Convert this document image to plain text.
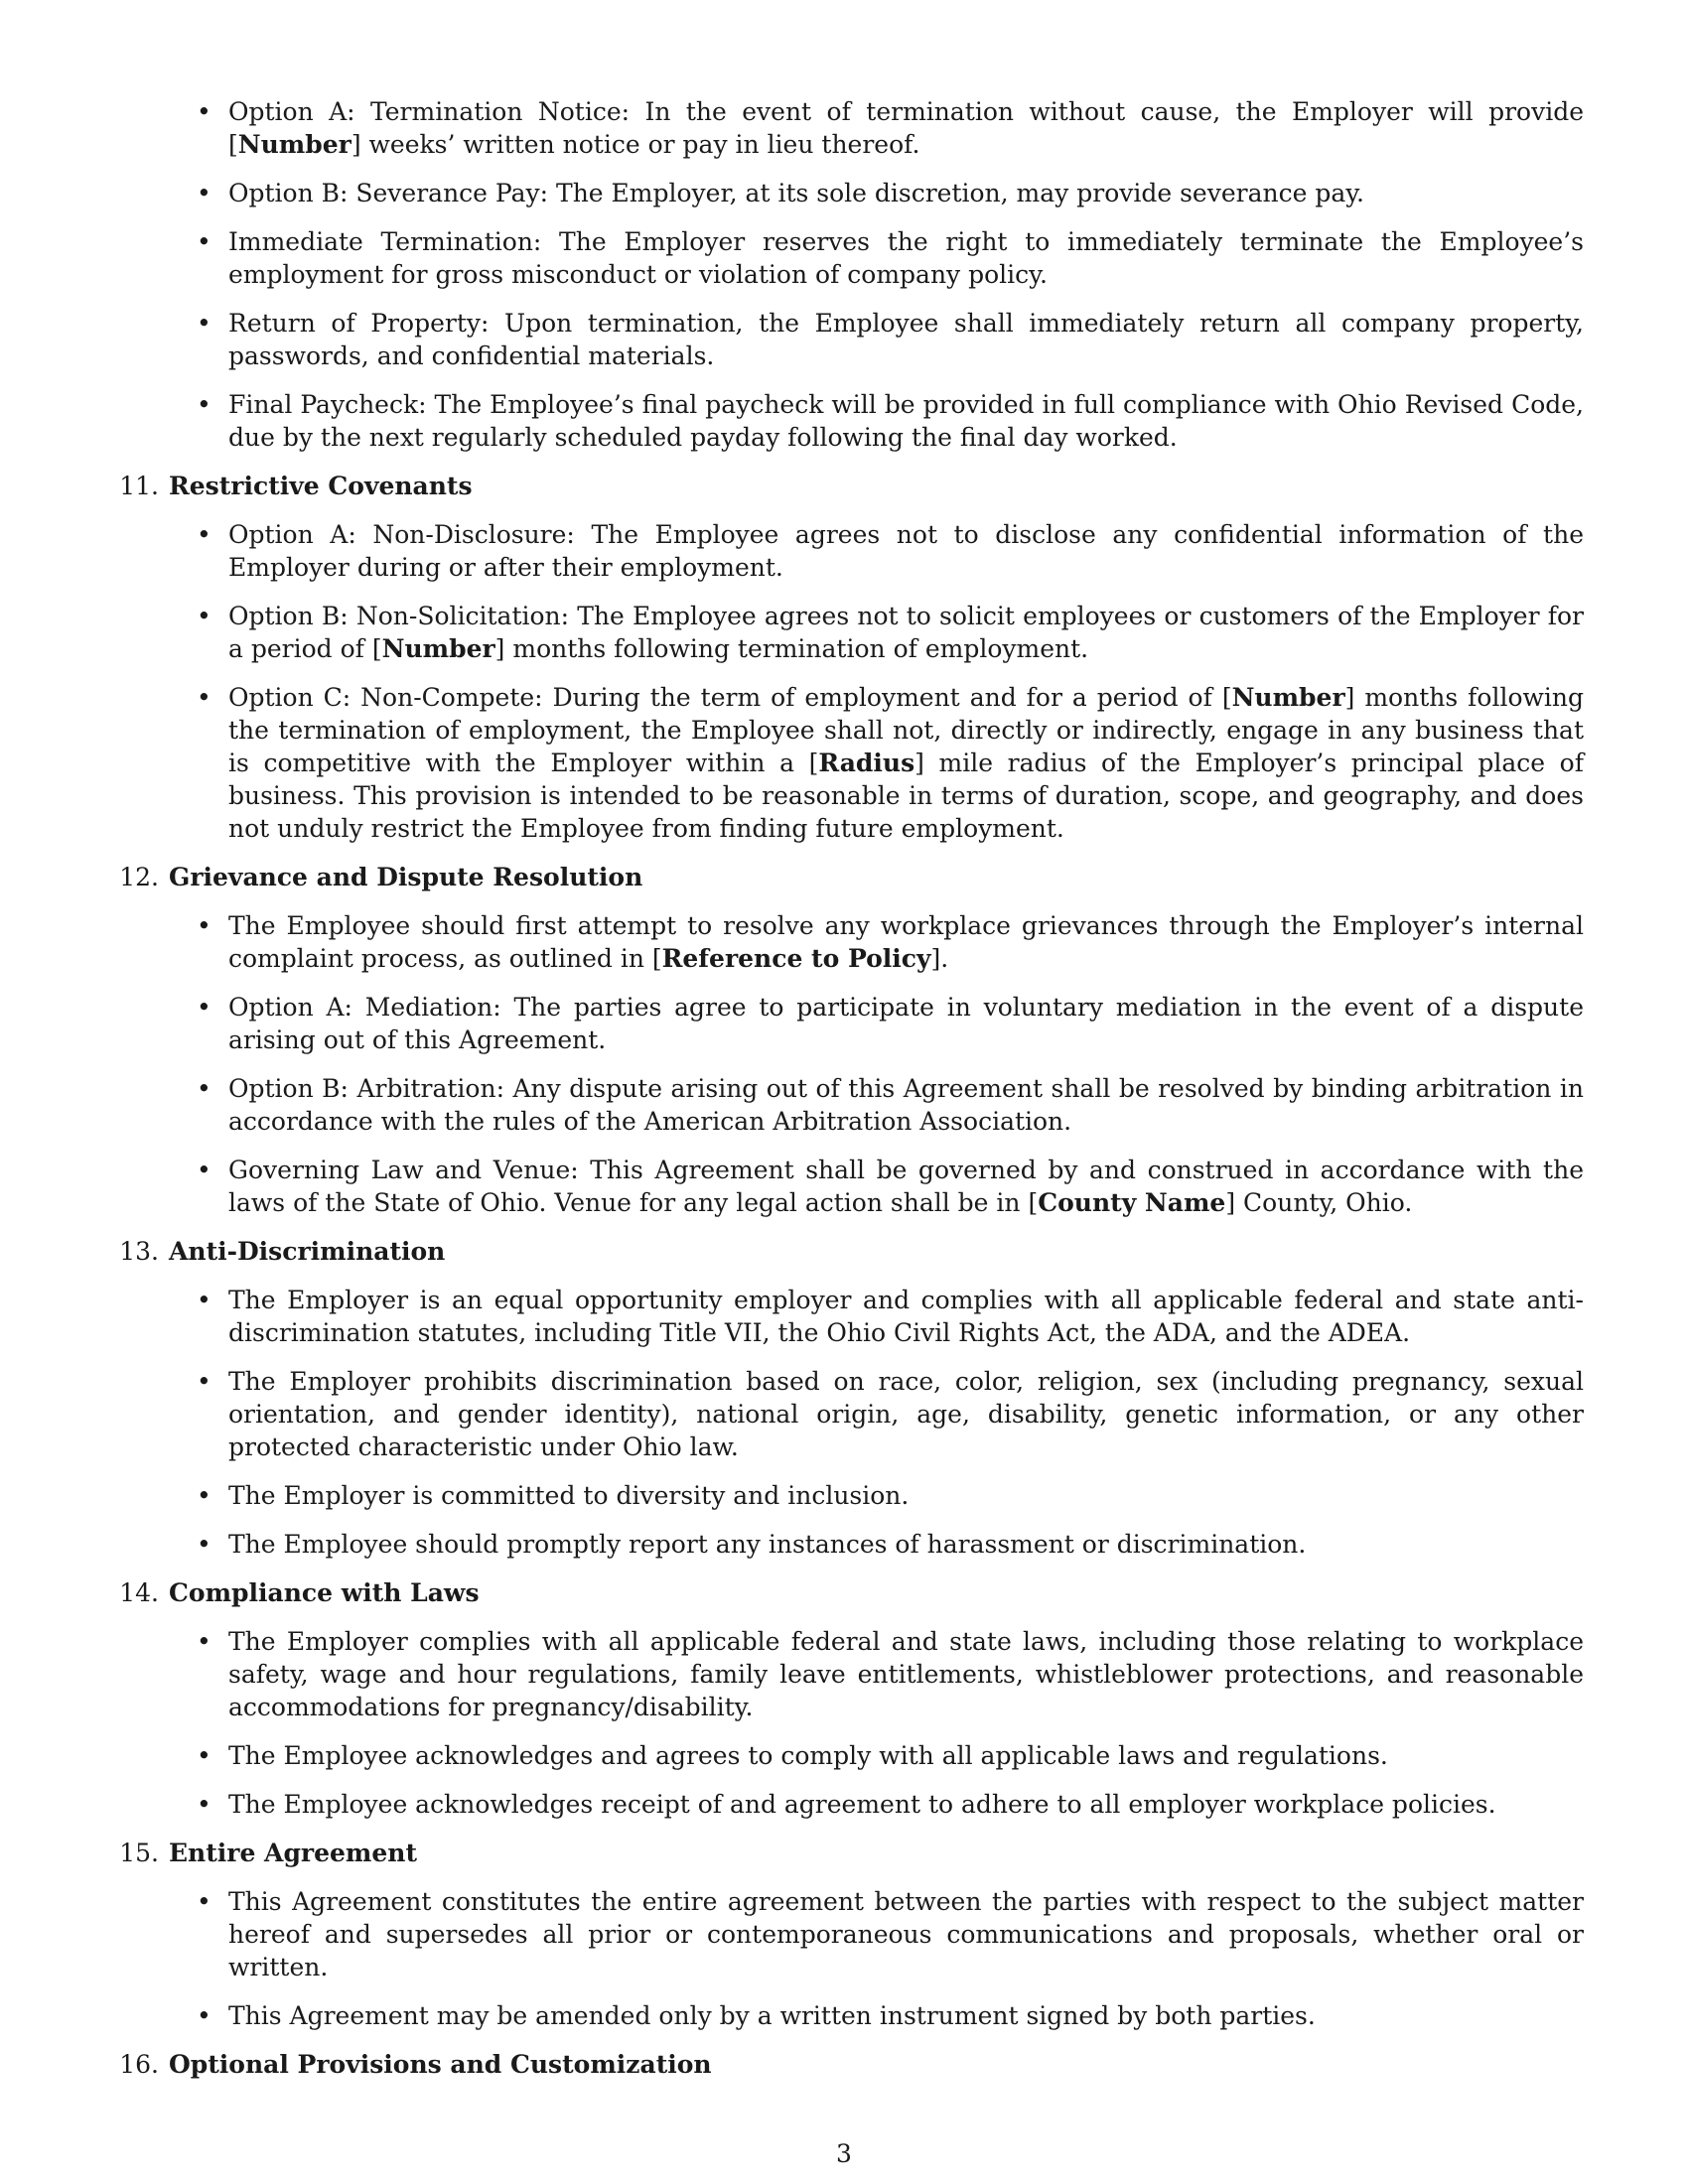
• Option A: Termination Notice: In the event of termination without cause, the Employer will provide [Number] weeks’ written notice or pay in lieu thereof.
• Option B: Severance Pay: The Employer, at its sole discretion, may provide severance pay.
• Immediate Termination: The Employer reserves the right to immediately terminate the Employee’s employment for gross misconduct or violation of company policy.
• Return of Property: Upon termination, the Employee shall immediately return all company property, passwords, and confidential materials.
• Final Paycheck: The Employee’s final paycheck will be provided in full compliance with Ohio Revised Code, due by the next regularly scheduled payday following the final day worked.
11. Restrictive Covenants
• Option A: Non-Disclosure: The Employee agrees not to disclose any confidential information of the Employer during or after their employment.
• Option B: Non-Solicitation: The Employee agrees not to solicit employees or customers of the Employer for a period of [Number] months following termination of employment.
• Option C: Non-Compete: During the term of employment and for a period of [Number] months following the termination of employment, the Employee shall not, directly or indirectly, engage in any business that is competitive with the Employer within a [Radius] mile radius of the Employer’s principal place of business. This provision is intended to be reasonable in terms of duration, scope, and geography, and does not unduly restrict the Employee from finding future employment.
12. Grievance and Dispute Resolution
• The Employee should first attempt to resolve any workplace grievances through the Employer’s internal complaint process, as outlined in [Reference to Policy].
• Option A: Mediation: The parties agree to participate in voluntary mediation in the event of a dispute arising out of this Agreement.
• Option B: Arbitration: Any dispute arising out of this Agreement shall be resolved by binding arbitration in accordance with the rules of the American Arbitration Association.
• Governing Law and Venue: This Agreement shall be governed by and construed in accordance with the laws of the State of Ohio. Venue for any legal action shall be in [County Name] County, Ohio.
13. Anti-Discrimination
• The Employer is an equal opportunity employer and complies with all applicable federal and state anti-discrimination statutes, including Title VII, the Ohio Civil Rights Act, the ADA, and the ADEA.
• The Employer prohibits discrimination based on race, color, religion, sex (including pregnancy, sexual orientation, and gender identity), national origin, age, disability, genetic information, or any other protected characteristic under Ohio law.
• The Employer is committed to diversity and inclusion.
• The Employee should promptly report any instances of harassment or discrimination.
14. Compliance with Laws
• The Employer complies with all applicable federal and state laws, including those relating to workplace safety, wage and hour regulations, family leave entitlements, whistleblower protections, and reasonable accommodations for pregnancy/disability.
• The Employee acknowledges and agrees to comply with all applicable laws and regulations.
• The Employee acknowledges receipt of and agreement to adhere to all employer workplace policies.
15. Entire Agreement
• This Agreement constitutes the entire agreement between the parties with respect to the subject matter hereof and supersedes all prior or contemporaneous communications and proposals, whether oral or written.
• This Agreement may be amended only by a written instrument signed by both parties.
16. Optional Provisions and Customization
3
